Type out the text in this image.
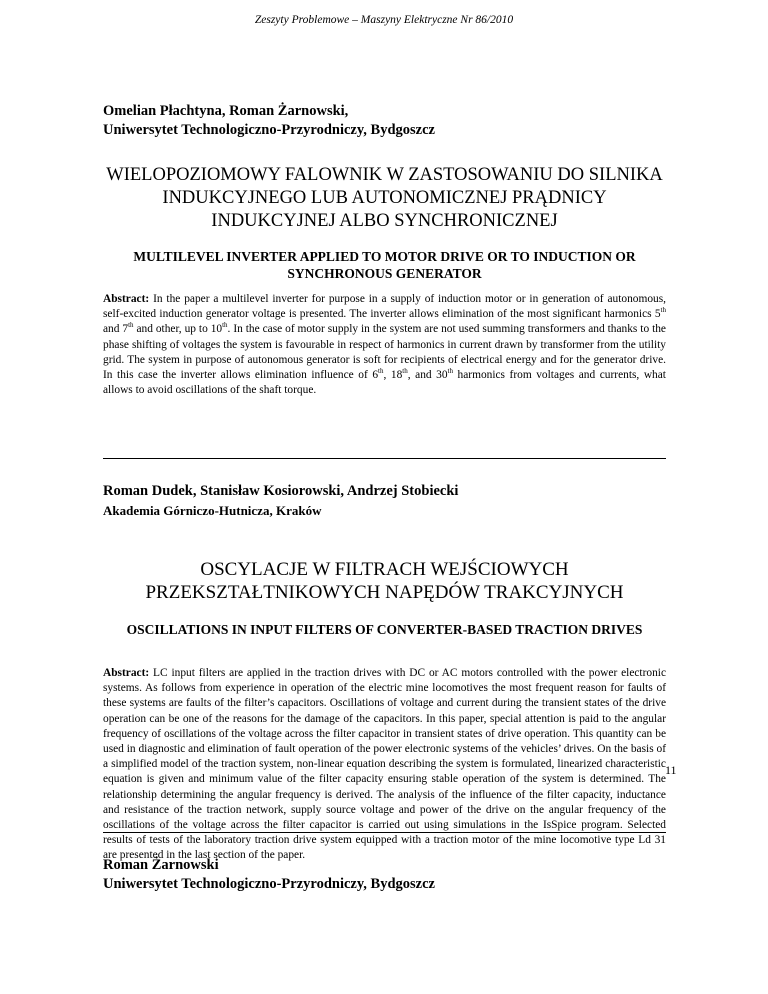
Zeszyty Problemowe – Maszyny Elektryczne Nr 86/2010
Omelian Płachtyna, Roman Żarnowski,
Uniwersytet Technologiczno-Przyrodniczy, Bydgoszcz
WIELOPOZIOMOWY FALOWNIK W ZASTOSOWANIU DO SILNIKA INDUKCYJNEGO LUB AUTONOMICZNEJ PRĄDNICY INDUKCYJNEJ ALBO SYNCHRONICZNEJ
MULTILEVEL INVERTER APPLIED TO MOTOR DRIVE OR TO INDUCTION OR SYNCHRONOUS GENERATOR
Abstract: In the paper a multilevel inverter for purpose in a supply of induction motor or in generation of autonomous, self-excited induction generator voltage is presented. The inverter allows elimination of the most significant harmonics 5th and 7th and other, up to 10th. In the case of motor supply in the system are not used summing transformers and thanks to the phase shifting of voltages the system is favourable in respect of harmonics in current drawn by transformer from the utility grid. The system in purpose of autonomous generator is soft for recipients of electrical energy and for the generator drive. In this case the inverter allows elimination influence of 6th, 18th, and 30th harmonics from voltages and currents, what allows to avoid oscillations of the shaft torque.
Roman Dudek, Stanisław Kosiorowski, Andrzej Stobiecki
Akademia Górniczo-Hutnicza, Kraków
OSCYLACJE W FILTRACH WEJŚCIOWYCH PRZEKSZTAŁTNIKOWYCH NAPĘDÓW TRAKCYJNYCH
OSCILLATIONS IN INPUT FILTERS OF CONVERTER-BASED TRACTION DRIVES
Abstract: LC input filters are applied in the traction drives with DC or AC motors controlled with the power electronic systems. As follows from experience in operation of the electric mine locomotives the most frequent reason for faults of these systems are faults of the filter’s capacitors. Oscillations of voltage and current during the transient states of the drive operation can be one of the reasons for the damage of the capacitors. In this paper, special attention is paid to the angular frequency of oscillations of the voltage across the filter capacitor in transient states of drive operation. This quantity can be used in diagnostic and elimination of fault operation of the power electronic systems of the vehicles’ drives. On the basis of a simplified model of the traction system, non-linear equation describing the system is formulated, linearized characteristic equation is given and minimum value of the filter capacity ensuring stable operation of the system is determined. The relationship determining the angular frequency is derived. The analysis of the influence of the filter capacity, inductance and resistance of the traction network, supply source voltage and power of the drive on the angular frequency of the oscillations of the voltage across the filter capacitor is carried out using simulations in the IsSpice program. Selected results of tests of the laboratory traction drive system equipped with a traction motor of the mine locomotive type Ld 31 are presented in the last section of the paper.
11
Roman Żarnowski
Uniwersytet Technologiczno-Przyrodniczy, Bydgoszcz
